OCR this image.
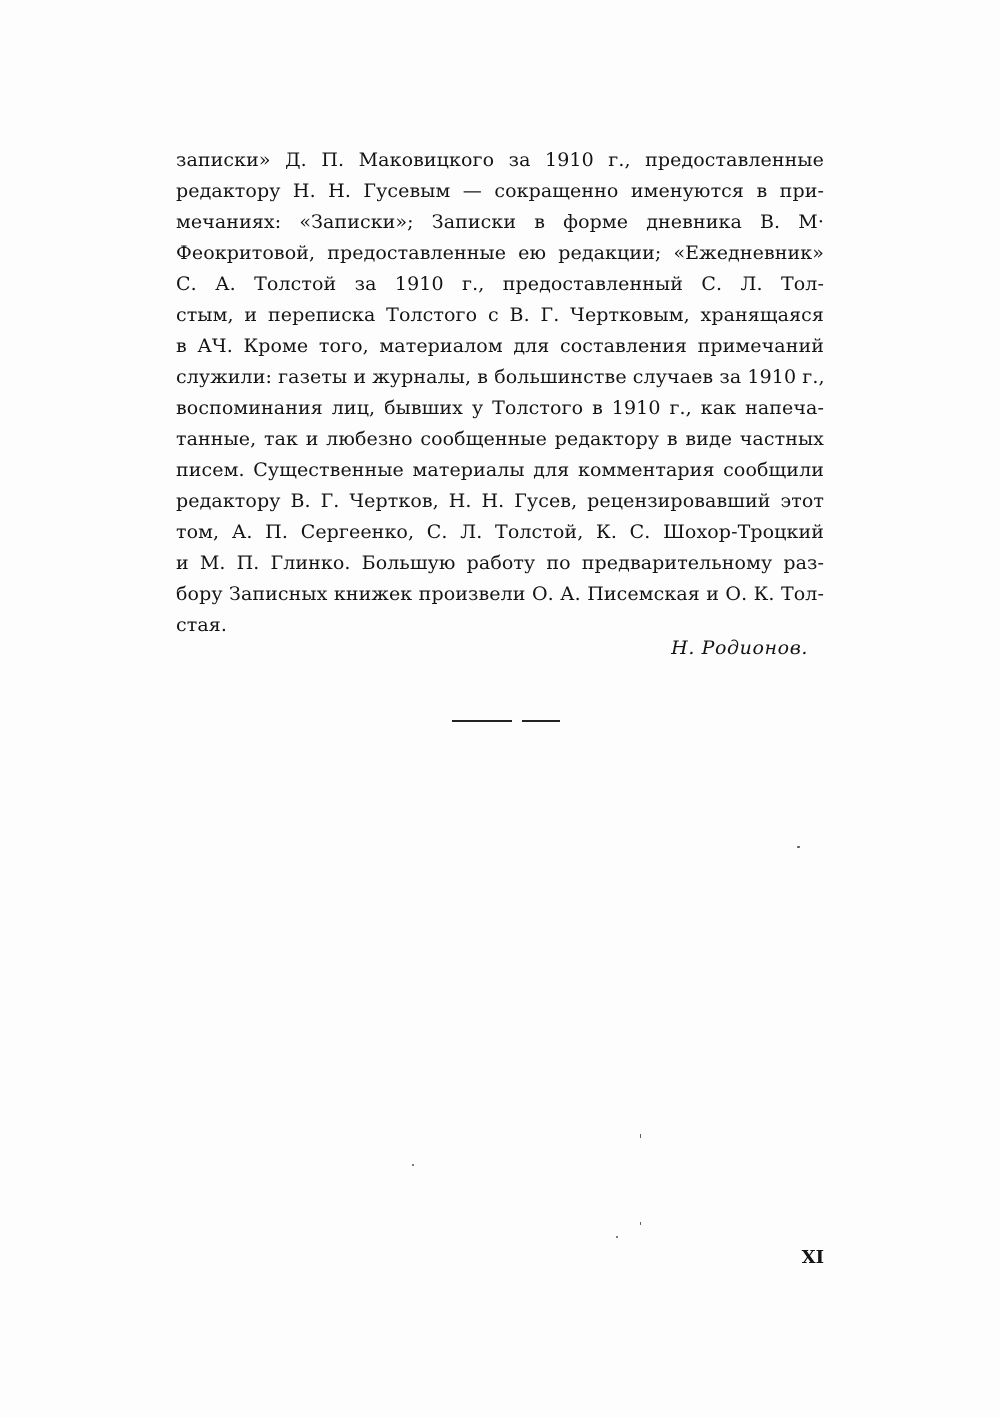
записки» Д. П. Маковицкого за 1910 г., предоставленные
редактору Н. Н. Гусевым — сокращенно именуются в при-
мечаниях: «Записки»; Записки в форме дневника В. М·
Феокритовой, предоставленные ею редакции; «Ежедневник»
С. А. Толстой за 1910 г., предоставленный С. Л. Тол-
стым, и переписка Толстого с В. Г. Чертковым, хранящаяся
в АЧ. Кроме того, материалом для составления примечаний
служили: газеты и журналы, в большинстве случаев за 1910 г.,
воспоминания лиц, бывших у Толстого в 1910 г., как напеча-
танные, так и любезно сообщенные редактору в виде частных
писем. Существенные материалы для комментария сообщили
редактору В. Г. Чертков, Н. Н. Гусев, рецензировавший этот
том, А. П. Сергеенко, С. Л. Толстой, К. С. Шохор-Троцкий
и М. П. Глинко. Большую работу по предварительному раз-
бору Записных книжек произвели О. А. Писемская и О. К. Тол-
стая.
Н. Родионов.
XI
